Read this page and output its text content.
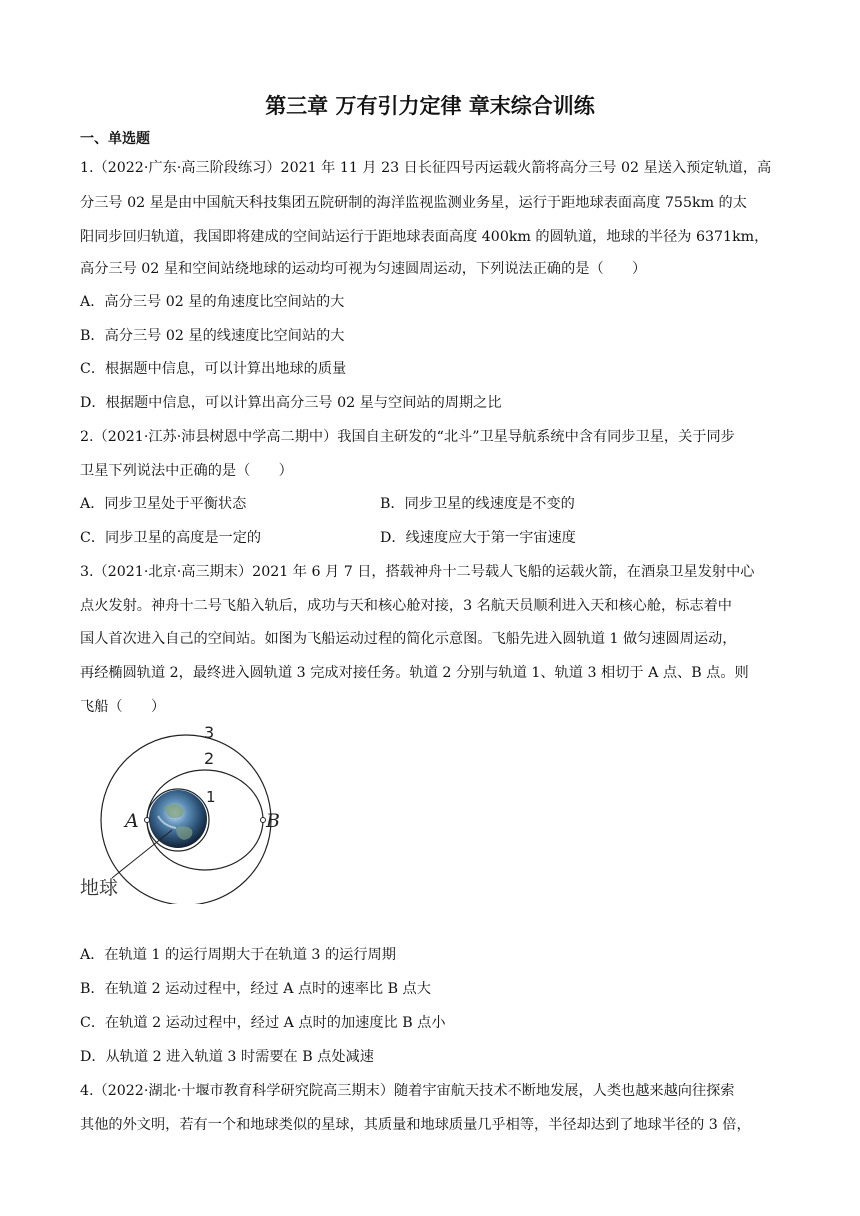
第三章 万有引力定律 章末综合训练
一、单选题
1.（2022·广东·高三阶段练习）2021 年 11 月 23 日长征四号丙运载火箭将高分三号 02 星送入预定轨道，高
分三号 02 星是由中国航天科技集团五院研制的海洋监视监测业务星，运行于距地球表面高度 755km 的太
阳同步回归轨道，我国即将建成的空间站运行于距地球表面高度 400km 的圆轨道，地球的半径为 6371km，
高分三号 02 星和空间站绕地球的运动均可视为匀速圆周运动，下列说法正确的是（　　）
A．高分三号 02 星的角速度比空间站的大
B．高分三号 02 星的线速度比空间站的大
C．根据题中信息，可以计算出地球的质量
D．根据题中信息，可以计算出高分三号 02 星与空间站的周期之比
2.（2021·江苏·沛县树恩中学高二期中）我国自主研发的“北斗”卫星导航系统中含有同步卫星，关于同步
卫星下列说法中正确的是（　　）
A．同步卫星处于平衡状态	B．同步卫星的线速度是不变的
C．同步卫星的高度是一定的	D．线速度应大于第一宇宙速度
3.（2021·北京·高三期末）2021 年 6 月 7 日，搭载神舟十二号载人飞船的运载火箭，在酒泉卫星发射中心
点火发射。神舟十二号飞船入轨后，成功与天和核心舱对接，3 名航天员顺利进入天和核心舱，标志着中
国人首次进入自己的空间站。如图为飞船运动过程的简化示意图。飞船先进入圆轨道 1 做匀速圆周运动，
再经椭圆轨道 2，最终进入圆轨道 3 完成对接任务。轨道 2 分别与轨道 1、轨道 3 相切于 A 点、B 点。则
飞船（　　）
3
2
1
A	B
地球
A．在轨道 1 的运行周期大于在轨道 3 的运行周期
B．在轨道 2 运动过程中，经过 A 点时的速率比 B 点大
C．在轨道 2 运动过程中，经过 A 点时的加速度比 B 点小
D．从轨道 2 进入轨道 3 时需要在 B 点处减速
4.（2022·湖北·十堰市教育科学研究院高三期末）随着宇宙航天技术不断地发展，人类也越来越向往探索
其他的外文明，若有一个和地球类似的星球，其质量和地球质量几乎相等，半径却达到了地球半径的 3 倍，
